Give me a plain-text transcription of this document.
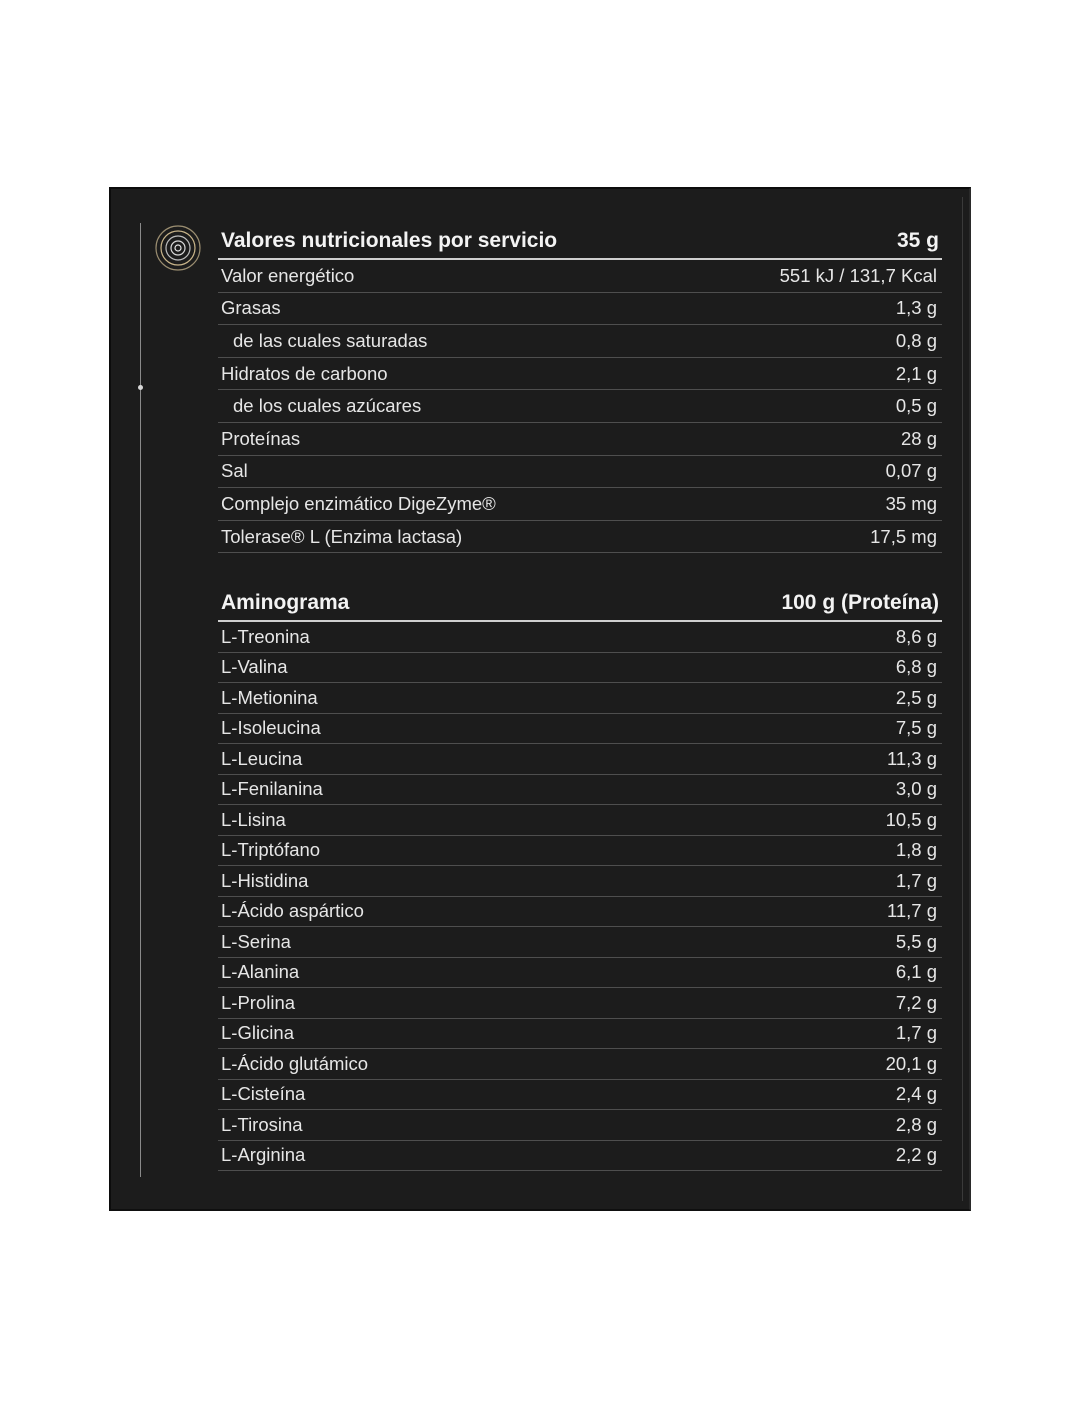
Valores nutricionales por servicio	35 g
Valor energético	551 kJ / 131,7 Kcal
Grasas	1,3 g
de las cuales saturadas	0,8 g
Hidratos de carbono	2,1 g
de los cuales azúcares	0,5 g
Proteínas	28 g
Sal	0,07 g
Complejo enzimático DigeZyme®	35 mg
Tolerase® L (Enzima lactasa)	17,5 mg
Aminograma	100 g (Proteína)
L-Treonina	8,6 g
L-Valina	6,8 g
L-Metionina	2,5 g
L-Isoleucina	7,5 g
L-Leucina	11,3 g
L-Fenilanina	3,0 g
L-Lisina	10,5 g
L-Triptófano	1,8 g
L-Histidina	1,7 g
L-Ácido aspártico	11,7 g
L-Serina	5,5 g
L-Alanina	6,1 g
L-Prolina	7,2 g
L-Glicina	1,7 g
L-Ácido glutámico	20,1 g
L-Cisteína	2,4 g
L-Tirosina	2,8 g
L-Arginina	2,2 g
